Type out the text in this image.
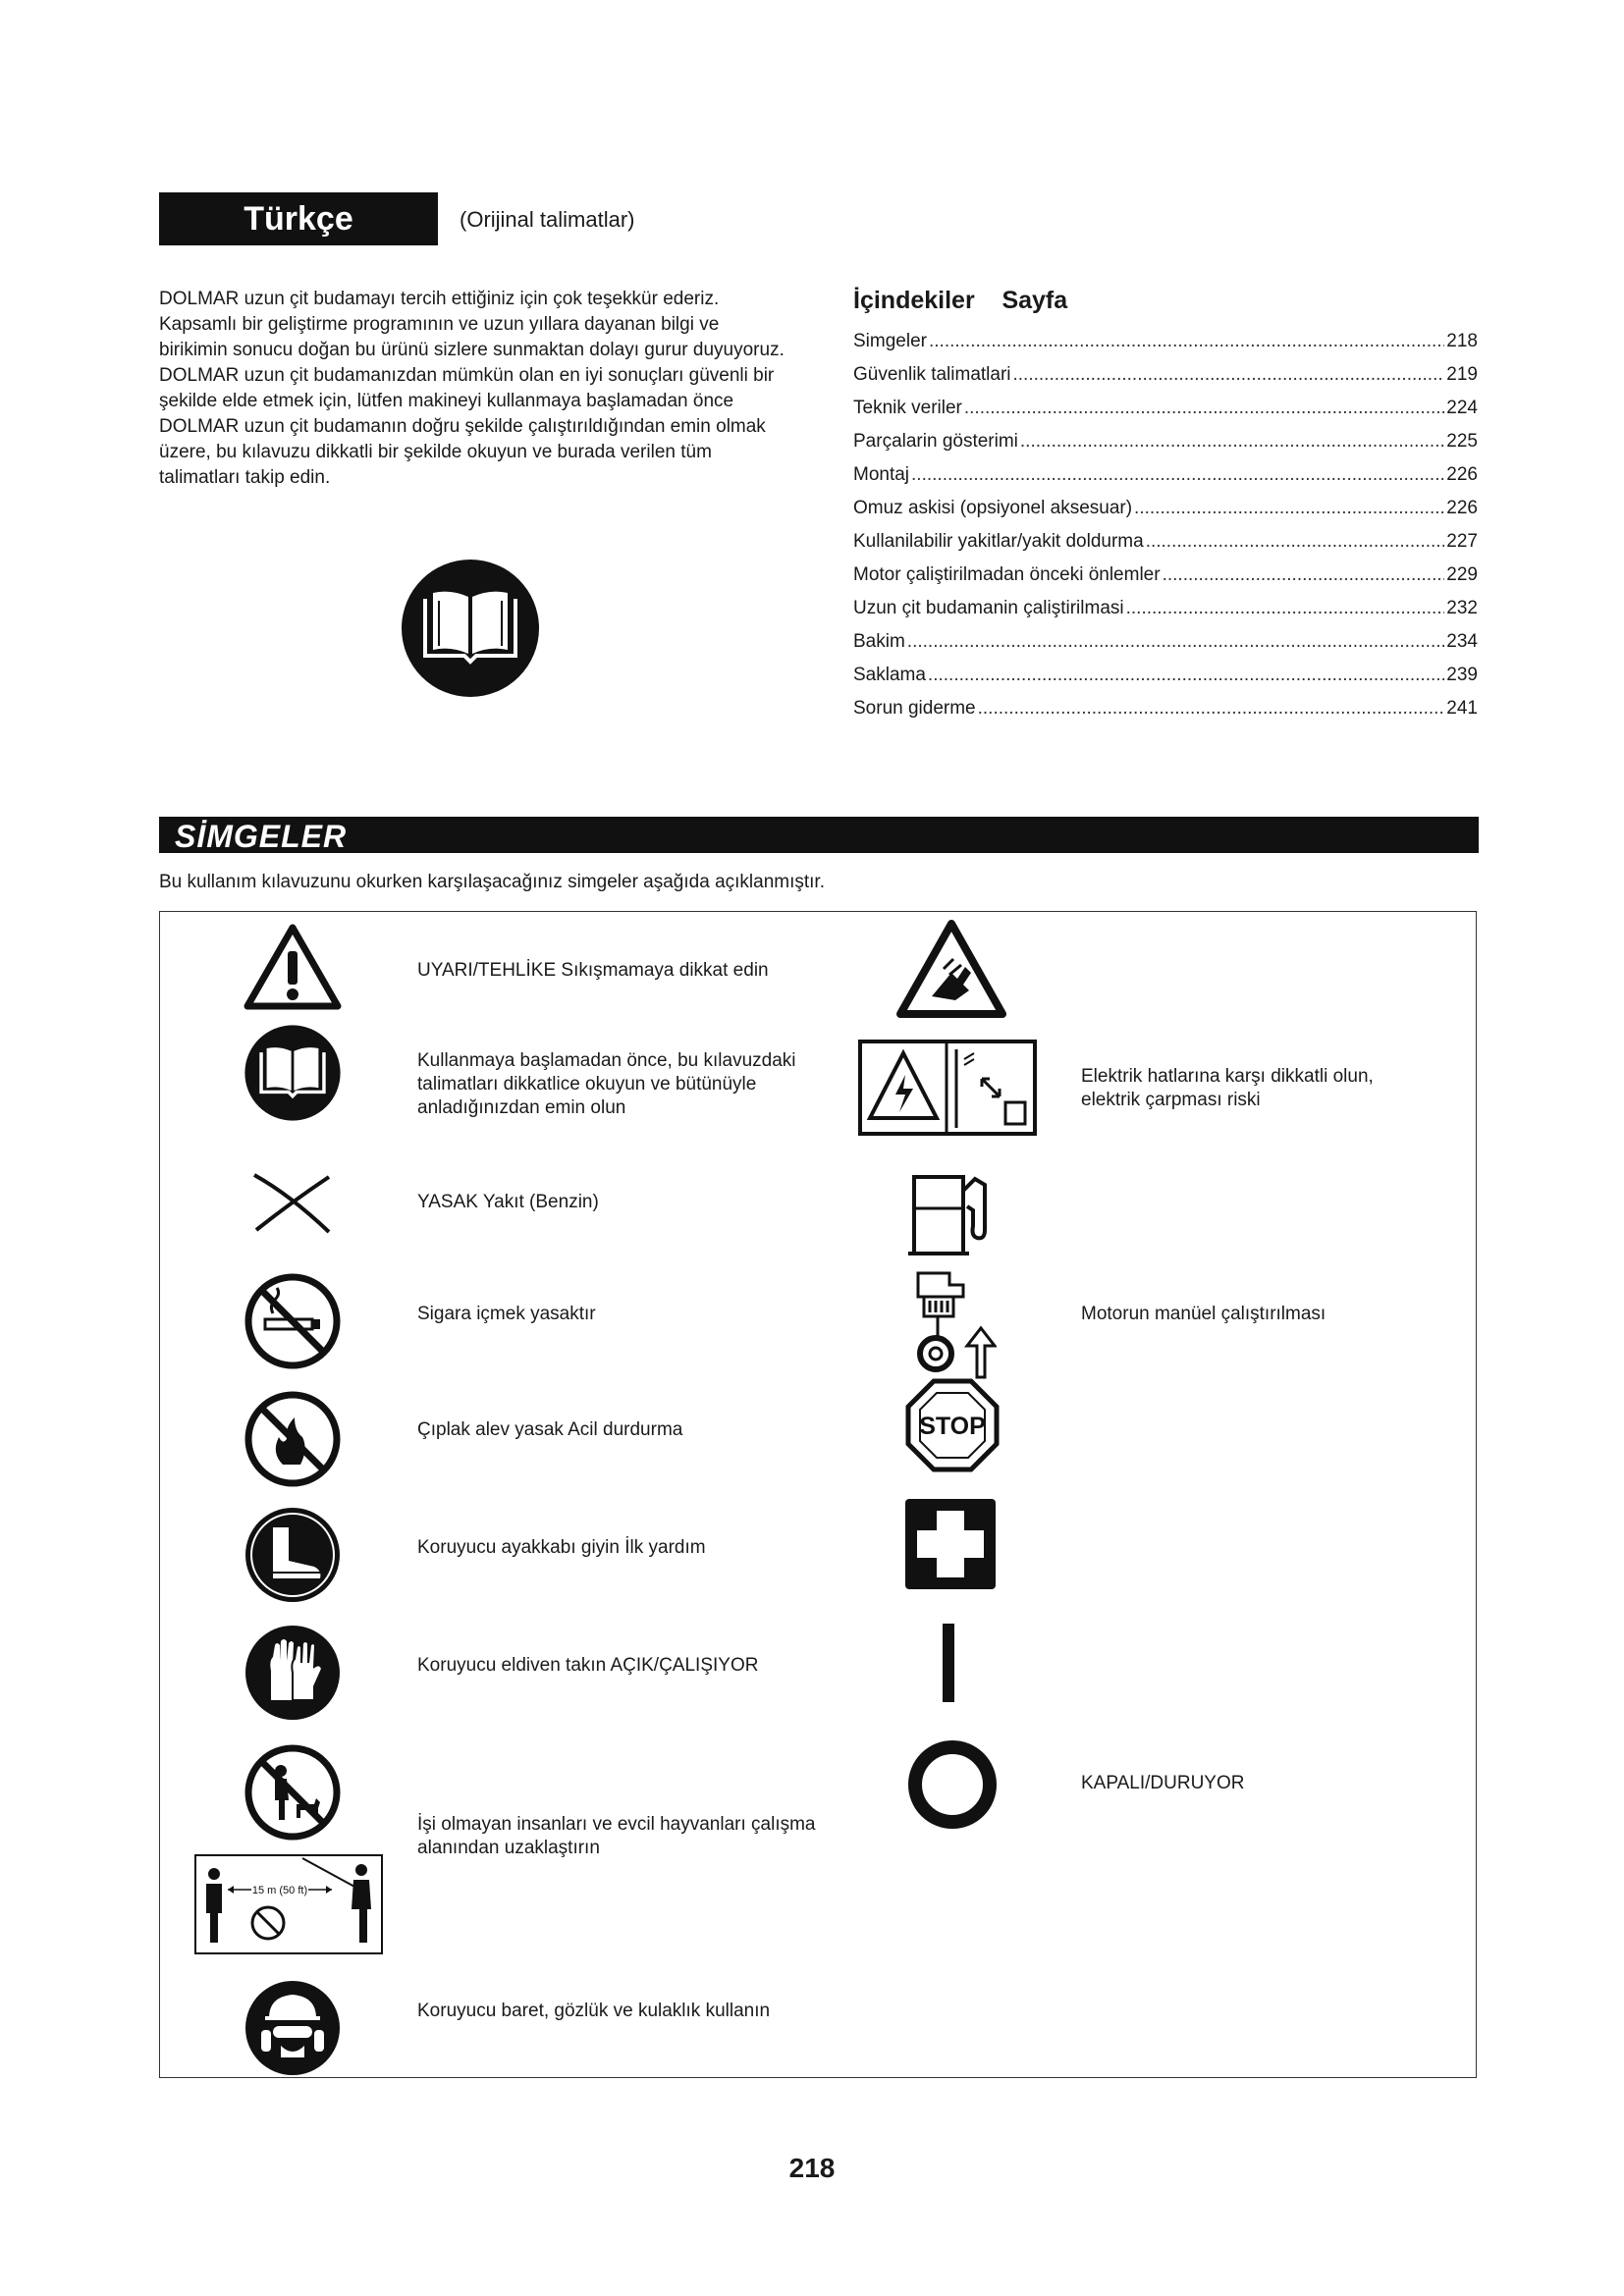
Türkçe	(Orijinal talimatlar)

DOLMAR uzun çit budamayı tercih ettiğiniz için çok teşekkür ederiz. Kapsamlı bir geliştirme programının ve uzun yıllara dayanan bilgi ve birikimin sonucu doğan bu ürünü sizlere sunmaktan dolayı gurur duyuyoruz.

DOLMAR uzun çit budamanızdan mümkün olan en iyi sonuçları güvenli bir şekilde elde etmek için, lütfen makineyi kullanmaya başlamadan önce DOLMAR uzun çit budamanın doğru şekilde çalıştırıldığından emin olmak üzere, bu kılavuzu dikkatli bir şekilde okuyun ve burada verilen tüm talimatları takip edin.

İçindekiler    Sayfa
Simgeler .....	218
Güvenlik talimatlari .....	219
Teknik veriler .....	224
Parçalarin gösterimi .....	225
Montaj .....	226
Omuz askisi (opsiyonel aksesuar) .....	226
Kullanilabilir yakitlar/yakit doldurma .....	227
Motor çaliştirilmadan önceki önlemler .....	229
Uzun çit budamanin çaliştirilmasi .....	232
Bakim .....	234
Saklama .....	239
Sorun giderme .....	241
SİMGELER
Bu kullanım kılavuzunu okurken karşılaşacağınız simgeler aşağıda açıklanmıştır.
15 m (50 ft)
UYARI/TEHLİKE Sıkışmamaya dikkat edin
Kullanmaya başlamadan önce, bu kılavuzdaki talimatları dikkatlice okuyun ve bütünüyle anladığınızdan emin olun
YASAK Yakıt (Benzin)
Sigara içmek yasaktır
Çıplak alev yasak Acil durdurma
Koruyucu ayakkabı giyin İlk yardım
Koruyucu eldiven takın AÇIK/ÇALIŞIYOR
İşi olmayan insanları ve evcil hayvanları çalışma alanından uzaklaştırın
Koruyucu baret, gözlük ve kulaklık kullanın
STOP
Elektrik hatlarına karşı dikkatli olun, elektrik çarpması riski
Motorun manüel çalıştırılması
KAPALI/DURUYOR
218
